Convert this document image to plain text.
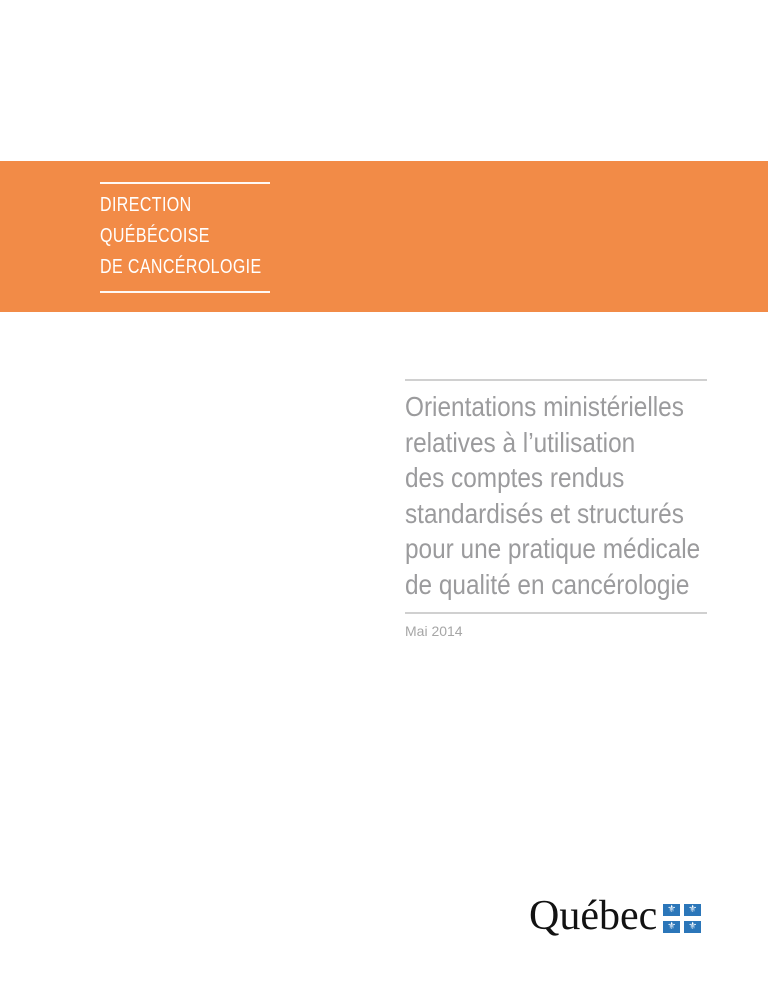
DIRECTION
QUÉBÉCOISE
DE CANCÉROLOGIE
Orientations ministérielles
relatives à l’utilisation
des comptes rendus
standardisés et structurés
pour une pratique médicale
de qualité en cancérologie
Mai 2014
Québec ⚜ ⚜
⚜ ⚜
